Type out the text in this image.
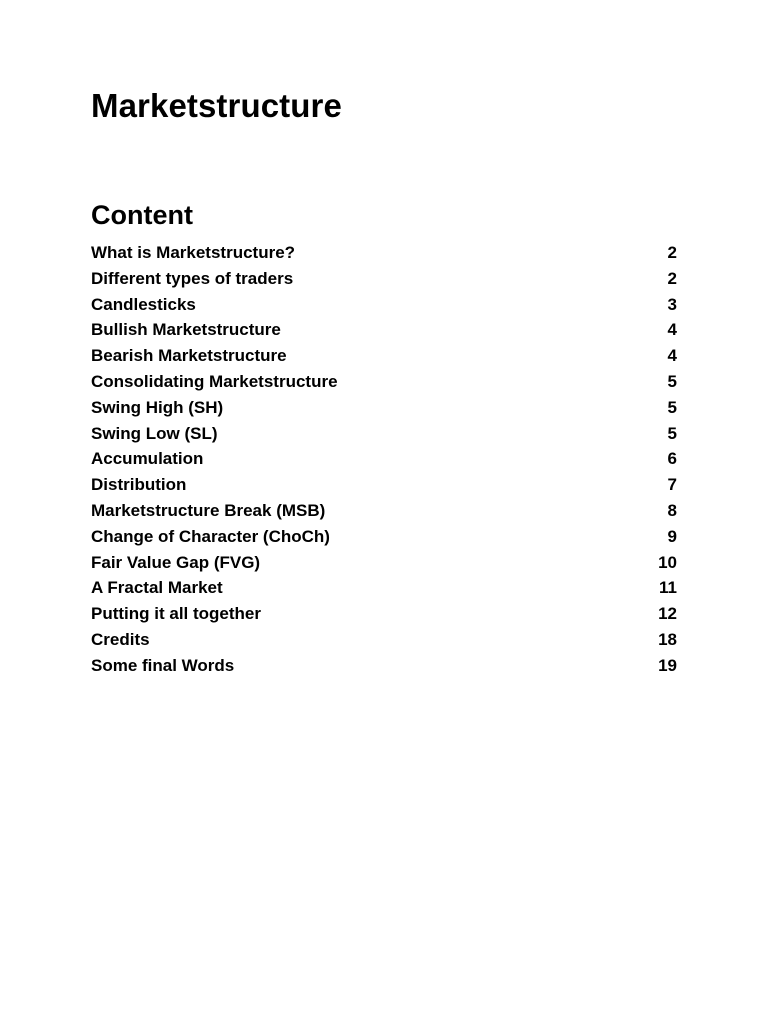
Marketstructure
Content
What is Marketstructure?	2
Different types of traders	2
Candlesticks	3
Bullish Marketstructure	4
Bearish Marketstructure	4
Consolidating Marketstructure	5
Swing High (SH)	5
Swing Low (SL)	5
Accumulation	6
Distribution	7
Marketstructure Break (MSB)	8
Change of Character (ChoCh)	9
Fair Value Gap (FVG)	10
A Fractal Market	11
Putting it all together	12
Credits	18
Some final Words	19
